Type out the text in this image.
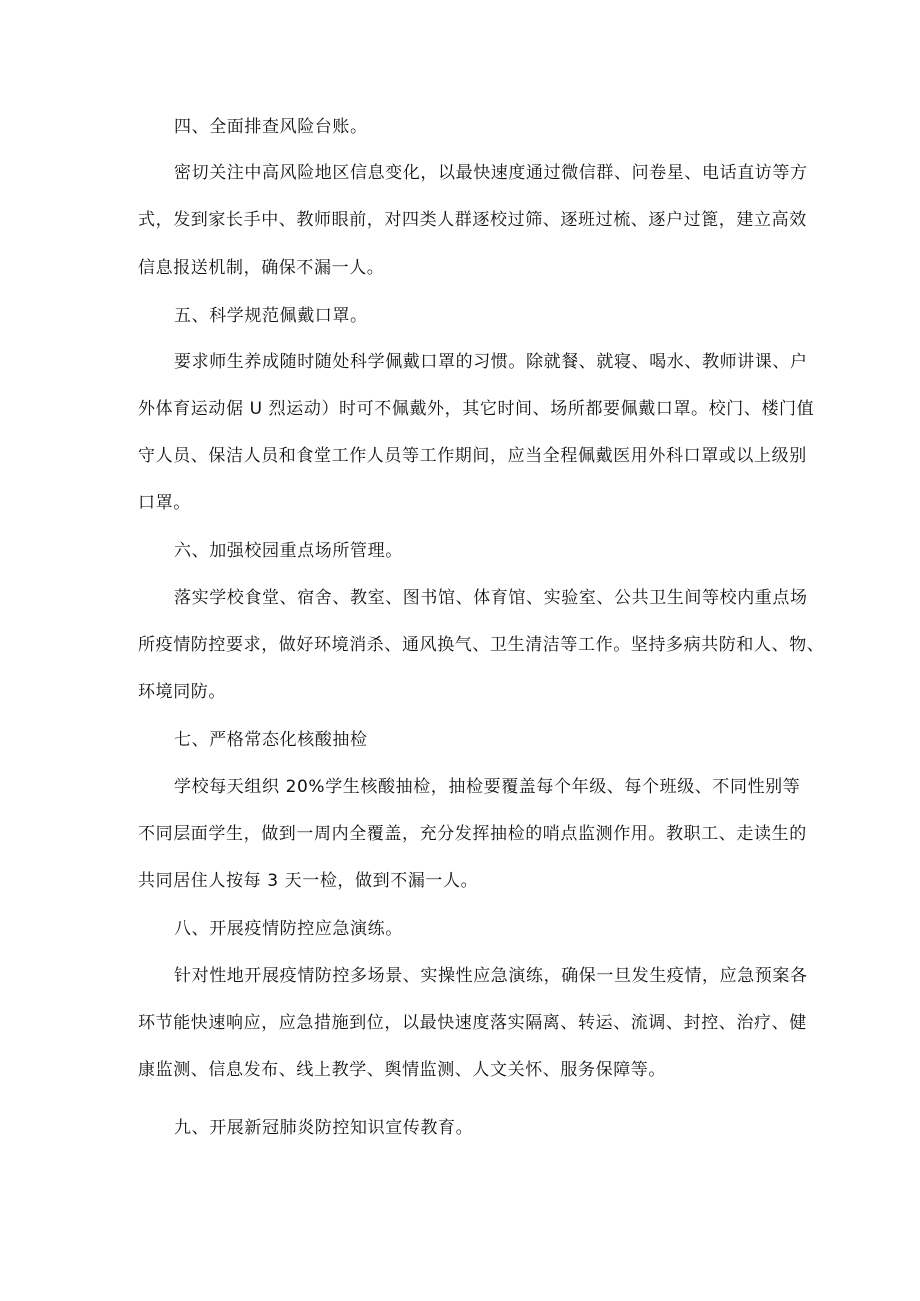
四、全面排查风险台账。
密切关注中高风险地区信息变化，以最快速度通过微信群、问卷星、电话直访等方
式，发到家长手中、教师眼前，对四类人群逐校过筛、逐班过梳、逐户过篦，建立高效
信息报送机制，确保不漏一人。
五、科学规范佩戴口罩。
要求师生养成随时随处科学佩戴口罩的习惯。除就餐、就寝、喝水、教师讲课、户
外体育运动倨 U 烈运动）时可不佩戴外，其它时间、场所都要佩戴口罩。校门、楼门值
守人员、保洁人员和食堂工作人员等工作期间，应当全程佩戴医用外科口罩或以上级别
口罩。
六、加强校园重点场所管理。
落实学校食堂、宿舍、教室、图书馆、体育馆、实验室、公共卫生间等校内重点场
所疫情防控要求，做好环境消杀、通风换气、卫生清洁等工作。坚持多病共防和人、物、
环境同防。
七、严格常态化核酸抽检
学校每天组织 20%学生核酸抽检，抽检要覆盖每个年级、每个班级、不同性别等
不同层面学生，做到一周内全覆盖，充分发挥抽检的哨点监测作用。教职工、走读生的
共同居住人按每 3 天一检，做到不漏一人。
八、开展疫情防控应急演练。
针对性地开展疫情防控多场景、实操性应急演练，确保一旦发生疫情，应急预案各
环节能快速响应，应急措施到位，以最快速度落实隔离、转运、流调、封控、治疗、健
康监测、信息发布、线上教学、舆情监测、人文关怀、服务保障等。
九、开展新冠肺炎防控知识宣传教育。
